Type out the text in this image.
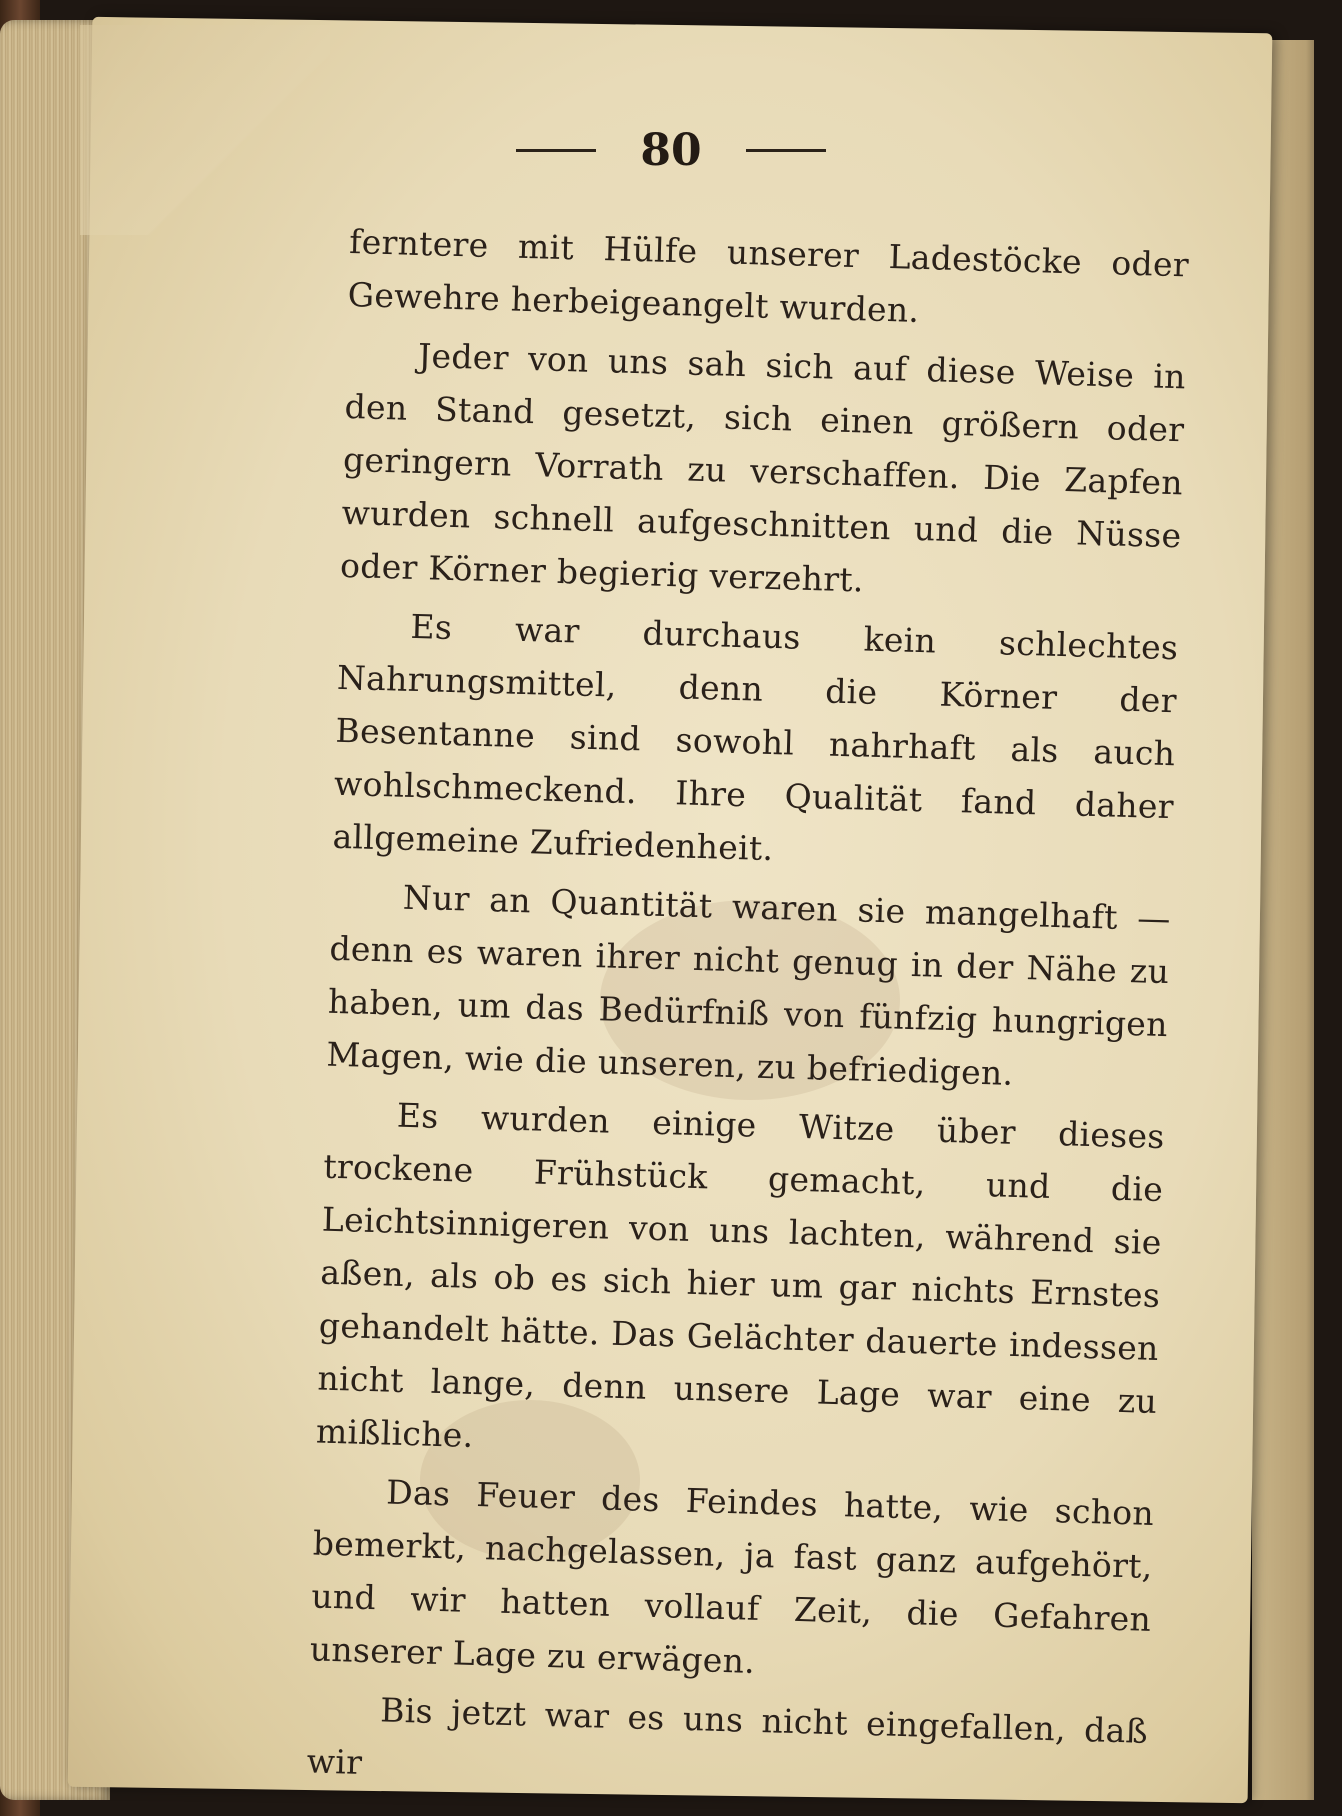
80

ferntere mit Hülfe unserer Ladestöcke oder Gewehre herbeigeangelt wurden.

Jeder von uns sah sich auf diese Weise in den Stand gesetzt, sich einen größern oder geringern Vorrath zu verschaffen. Die Zapfen wurden schnell aufgeschnitten und die Nüsse oder Körner begierig verzehrt.

Es war durchaus kein schlechtes Nahrungsmittel, denn die Körner der Besentanne sind sowohl nahrhaft als auch wohlschmeckend. Ihre Qualität fand daher allgemeine Zufriedenheit.

Nur an Quantität waren sie mangelhaft — denn es waren ihrer nicht genug in der Nähe zu haben, um das Bedürfniß von fünfzig hungrigen Magen, wie die unseren, zu befriedigen.

Es wurden einige Witze über dieses trockene Frühstück gemacht, und die Leichtsinnigeren von uns lachten, während sie aßen, als ob es sich hier um gar nichts Ernstes gehandelt hätte. Das Gelächter dauerte indessen nicht lange, denn unsere Lage war eine zu mißliche.

Das Feuer des Feindes hatte, wie schon bemerkt, nachgelassen, ja fast ganz aufgehört, und wir hatten vollauf Zeit, die Gefahren unserer Lage zu erwägen.

Bis jetzt war es uns nicht eingefallen, daß wir
